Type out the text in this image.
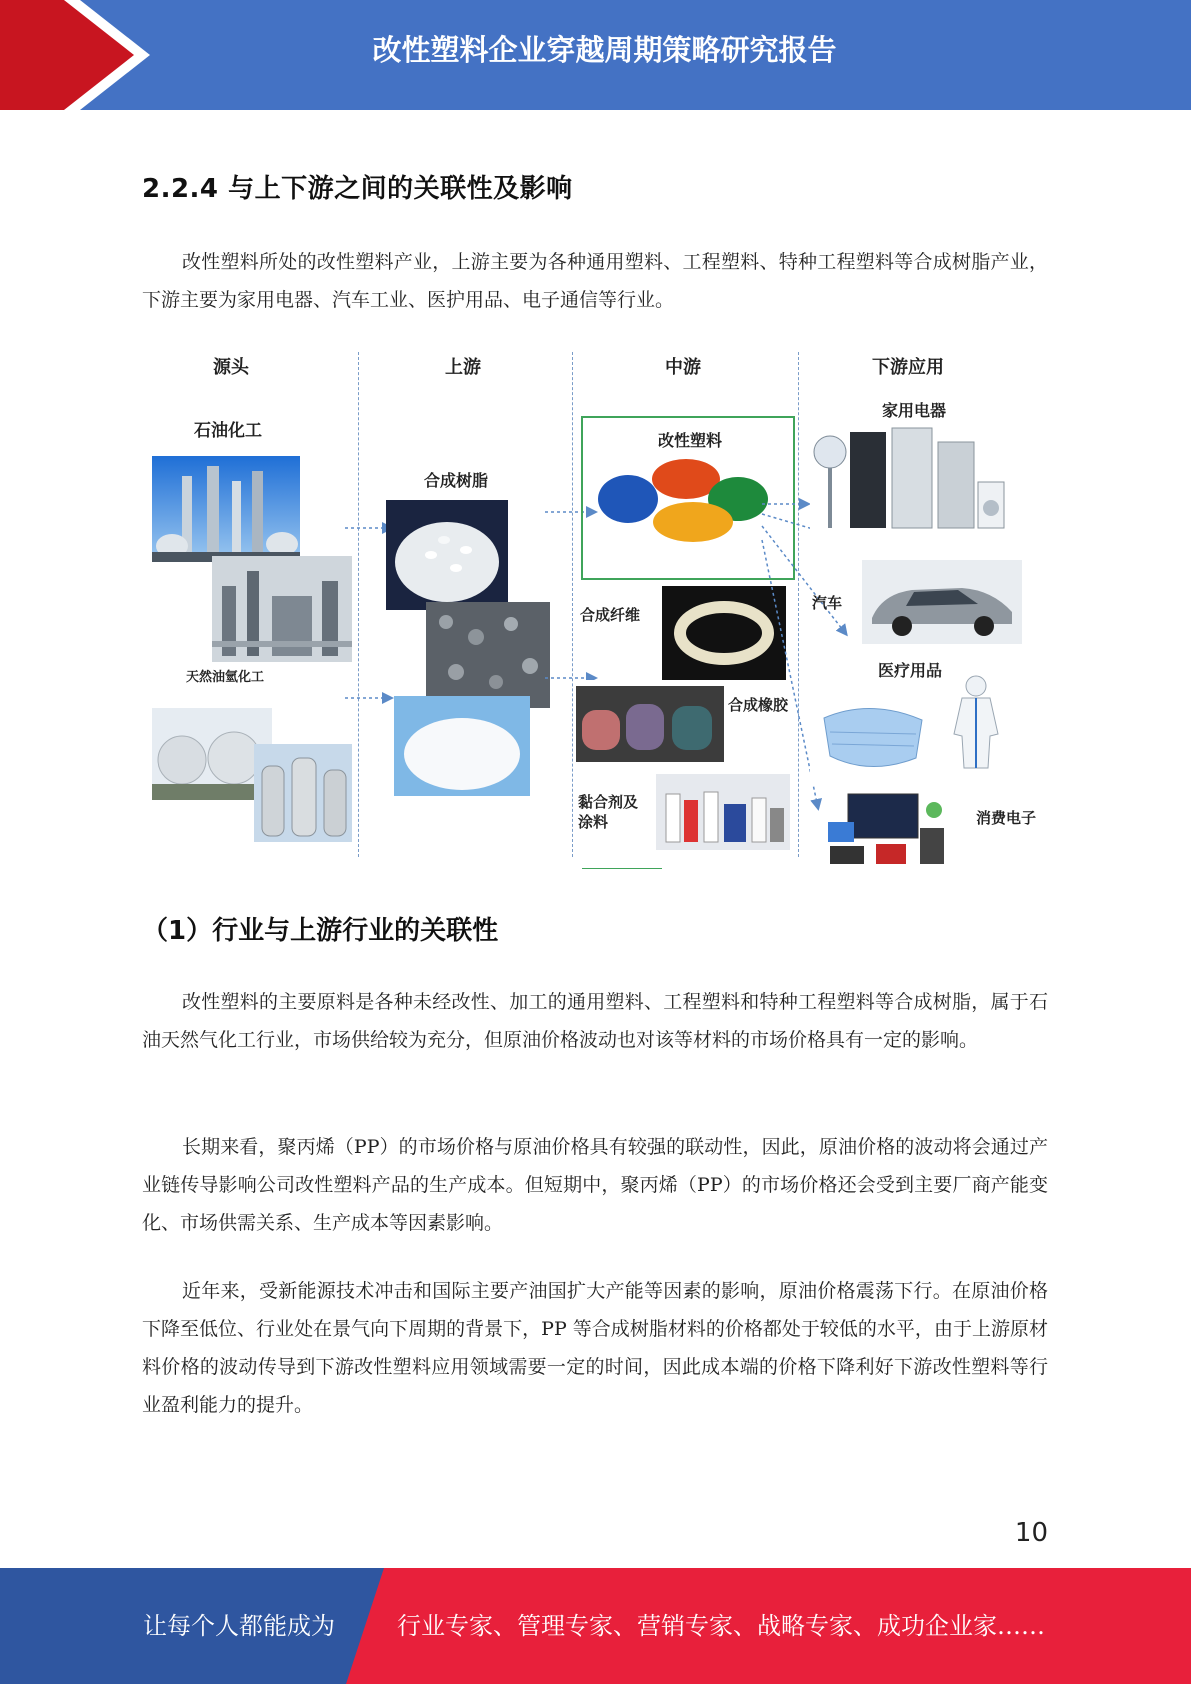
改性塑料企业穿越周期策略研究报告
2.2.4 与上下游之间的关联性及影响

改性塑料所处的改性塑料产业，上游主要为各种通用塑料、工程塑料、特种工程塑料等合成树脂产业，下游主要为家用电器、汽车工业、医护用品、电子通信等行业。

源头	上游	中游	下游应用
石油化工
天然油氫化工
合成树脂
改性塑料
合成纤维
合成橡胶
黏合剂及涂料
家用电器
汽车
医疗用品
消费电子
（1）行业与上游行业的关联性

改性塑料的主要原料是各种未经改性、加工的通用塑料、工程塑料和特种工程塑料等合成树脂，属于石油天然气化工行业，市场供给较为充分，但原油价格波动也对该等材料的市场价格具有一定的影响。

长期来看，聚丙烯（PP）的市场价格与原油价格具有较强的联动性，因此，原油价格的波动将会通过产业链传导影响公司改性塑料产品的生产成本。但短期中，聚丙烯（PP）的市场价格还会受到主要厂商产能变化、市场供需关系、生产成本等因素影响。

近年来，受新能源技术冲击和国际主要产油国扩大产能等因素的影响，原油价格震荡下行。在原油价格下降至低位、行业处在景气向下周期的背景下，PP 等合成树脂材料的价格都处于较低的水平，由于上游原材料价格的波动传导到下游改性塑料应用领域需要一定的时间，因此成本端的价格下降利好下游改性塑料等行业盈利能力的提升。

10
让每个人都能成为	行业专家、管理专家、营销专家、战略专家、成功企业家……
